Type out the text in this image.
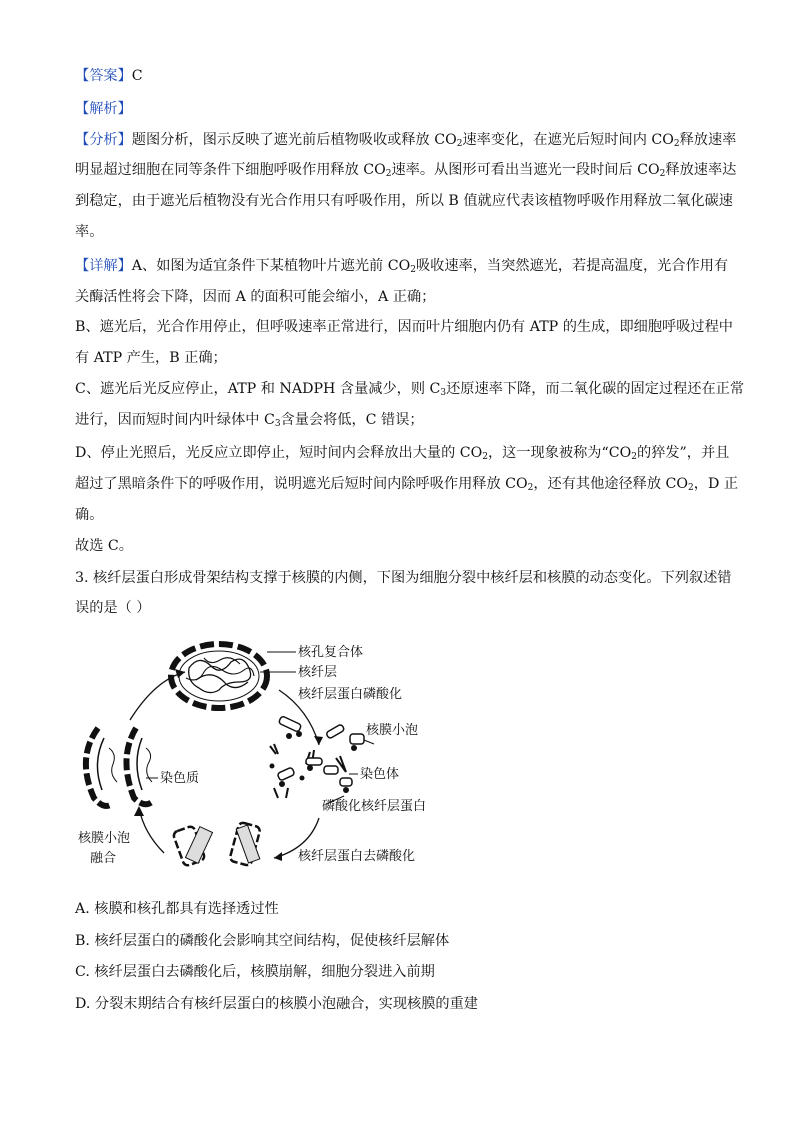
【答案】C
【解析】
【分析】题图分析，图示反映了遮光前后植物吸收或释放 $CO_2$速率变化，在遮光后短时间内 $CO_2$释放速率
明显超过细胞在同等条件下细胞呼吸作用释放 $CO_2$速率。从图形可看出当遮光一段时间后 $CO_2$释放速率达
到稳定，由于遮光后植物没有光合作用只有呼吸作用，所以 B 值就应代表该植物呼吸作用释放二氧化碳速
率。
【详解】A、如图为适宜条件下某植物叶片遮光前 $CO_2$吸收速率，当突然遮光，若提高温度，光合作用有
关酶活性将会下降，因而 A 的面积可能会缩小，A 正确；
B、遮光后，光合作用停止，但呼吸速率正常进行，因而叶片细胞内仍有 ATP 的生成，即细胞呼吸过程中
有 ATP 产生，B 正确；
C、遮光后光反应停止，ATP 和 NADPH 含量减少，则 $C_3$还原速率下降，而二氧化碳的固定过程还在正常
进行，因而短时间内叶绿体中 $C_3$含量会将低，C 错误；
D、停止光照后，光反应立即停止，短时间内会释放出大量的 $CO_2$，这一现象被称为“$CO_2$的猝发”，并且
超过了黑暗条件下的呼吸作用，说明遮光后短时间内除呼吸作用释放 $CO_2$，还有其他途径释放 $CO_2$，D 正
确。
故选 C。
3. 核纤层蛋白形成骨架结构支撑于核膜的内侧，下图为细胞分裂中核纤层和核膜的动态变化。下列叙述错
误的是（ ）
核孔复合体
核纤层
核纤层蛋白磷酸化
核膜小泡
染色体
磷酸化核纤层蛋白
染色质
核膜小泡
融合	核纤层蛋白去磷酸化
A. 核膜和核孔都具有选择透过性
B. 核纤层蛋白的磷酸化会影响其空间结构，促使核纤层解体
C. 核纤层蛋白去磷酸化后，核膜崩解，细胞分裂进入前期
D. 分裂末期结合有核纤层蛋白的核膜小泡融合，实现核膜的重建
